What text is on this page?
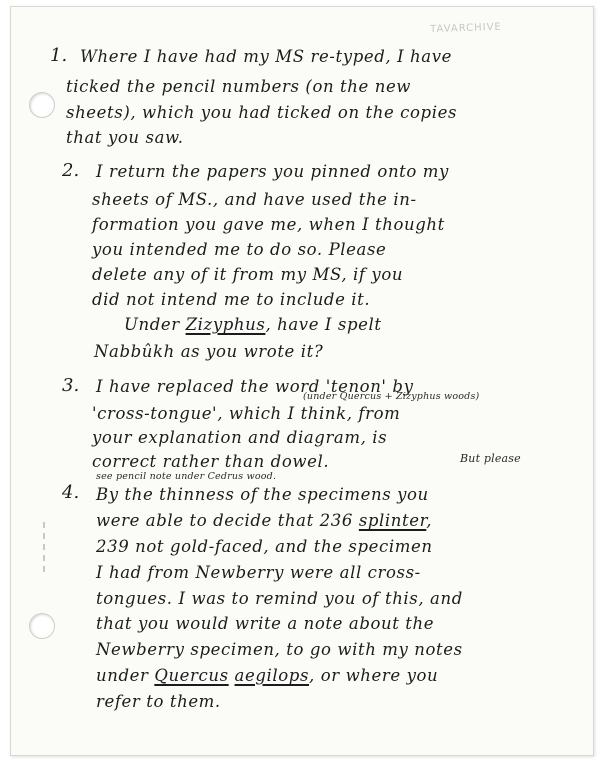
TAVARCHIVE
1. Where I have had my MS re-typed, I have
ticked the pencil numbers (on the new
sheets), which you had ticked on the copies
that you saw.
2. I return the papers you pinned onto my
sheets of MS., and have used the in-
formation you gave me, when I thought
you intended me to do so. Please
delete any of it from my MS, if you
did not intend me to include it.
Under Zizyphus, have I spelt
Nabbûkh as you wrote it?
3. I have replaced the word 'tenon' by
(under Quercus + Zizyphus woods)
'cross-tongue', which I think, from
your explanation and diagram, is
correct rather than dowel.	But please
see pencil note under Cedrus wood.
4. By the thinness of the specimens you
were able to decide that 236 splinter,
239 not gold-faced, and the specimen
I had from Newberry were all cross-
tongues. I was to remind you of this, and
that you would write a note about the
Newberry specimen, to go with my notes
under Quercus aegilops, or where you
refer to them.
